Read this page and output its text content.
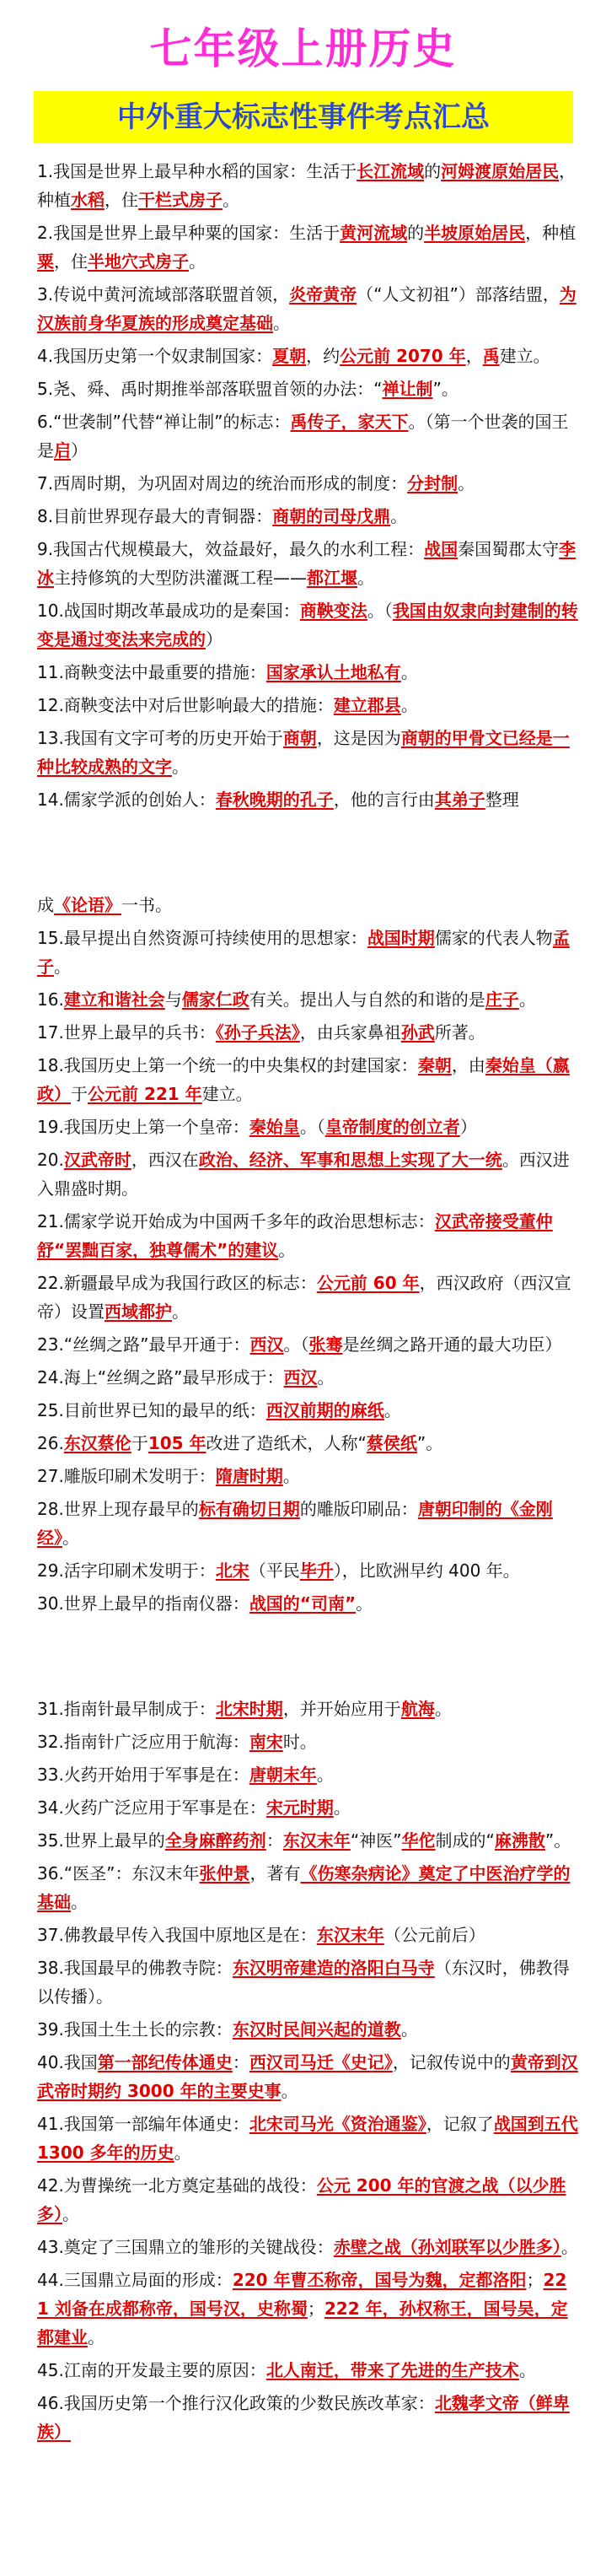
七年级上册历史
中外重大标志性事件考点汇总
1.我国是世界上最早种水稻的国家：生活于长江流域的河姆渡原始居民，种植水稻，住干栏式房子。
2.我国是世界上最早种粟的国家：生活于黄河流域的半坡原始居民，种植粟，住半地穴式房子。
3.传说中黄河流域部落联盟首领，炎帝黄帝（“人文初祖”）部落结盟，为汉族前身华夏族的形成奠定基础。
4.我国历史第一个奴隶制国家：夏朝，约公元前 2070 年，禹建立。
5.尧、舜、禹时期推举部落联盟首领的办法：“禅让制”。
6.“世袭制”代替“禅让制”的标志：禹传子，家天下。（第一个世袭的国王是启）
7.西周时期，为巩固对周边的统治而形成的制度：分封制。
8.目前世界现存最大的青铜器：商朝的司母戊鼎。
9.我国古代规模最大，效益最好，最久的水利工程：战国秦国蜀郡太守李冰主持修筑的大型防洪灌溉工程——都江堰。
10.战国时期改革最成功的是秦国：商鞅变法。（我国由奴隶向封建制的转变是通过变法来完成的）
11.商鞅变法中最重要的措施：国家承认土地私有。
12.商鞅变法中对后世影响最大的措施：建立郡县。
13.我国有文字可考的历史开始于商朝，这是因为商朝的甲骨文已经是一种比较成熟的文字。
14.儒家学派的创始人：春秋晚期的孔子，他的言行由其弟子整理
成《论语》一书。
15.最早提出自然资源可持续使用的思想家：战国时期儒家的代表人物孟子。
16.建立和谐社会与儒家仁政有关。提出人与自然的和谐的是庄子。
17.世界上最早的兵书：《孙子兵法》，由兵家鼻祖孙武所著。
18.我国历史上第一个统一的中央集权的封建国家：秦朝，由秦始皇（嬴政）于公元前 221 年建立。
19.我国历史上第一个皇帝：秦始皇。（皇帝制度的创立者）
20.汉武帝时，西汉在政治、经济、军事和思想上实现了大一统。西汉进入鼎盛时期。
21.儒家学说开始成为中国两千多年的政治思想标志：汉武帝接受董仲舒“罢黜百家，独尊儒术”的建议。
22.新疆最早成为我国行政区的标志：公元前 60 年，西汉政府（西汉宣帝）设置西域都护。
23.“丝绸之路”最早开通于：西汉。（张骞是丝绸之路开通的最大功臣）
24.海上“丝绸之路”最早形成于：西汉。
25.目前世界已知的最早的纸：西汉前期的麻纸。
26.东汉蔡伦于105 年改进了造纸术，人称“蔡侯纸”。
27.雕版印刷术发明于：隋唐时期。
28.世界上现存最早的标有确切日期的雕版印刷品：唐朝印制的《金刚经》。
29.活字印刷术发明于：北宋（平民毕升），比欧洲早约 400 年。
30.世界上最早的指南仪器：战国的“司南”。
31.指南针最早制成于：北宋时期，并开始应用于航海。
32.指南针广泛应用于航海：南宋时。
33.火药开始用于军事是在：唐朝末年。
34.火药广泛应用于军事是在：宋元时期。
35.世界上最早的全身麻醉药剂：东汉末年“神医”华佗制成的“麻沸散”。
36.“医圣”：东汉末年张仲景，著有《伤寒杂病论》奠定了中医治疗学的基础。
37.佛教最早传入我国中原地区是在：东汉末年（公元前后）
38.我国最早的佛教寺院：东汉明帝建造的洛阳白马寺（东汉时，佛教得以传播）。
39.我国土生土长的宗教：东汉时民间兴起的道教。
40.我国第一部纪传体通史：西汉司马迁《史记》，记叙传说中的黄帝到汉武帝时期约 3000 年的主要史事。
41.我国第一部编年体通史：北宋司马光《资治通鉴》，记叙了战国到五代 1300 多年的历史。
42.为曹操统一北方奠定基础的战役：公元 200 年的官渡之战（以少胜多）。
43.奠定了三国鼎立的雏形的关键战役：赤壁之战（孙刘联军以少胜多）。
44.三国鼎立局面的形成：220 年曹丕称帝，国号为魏，定都洛阳；221 刘备在成都称帝，国号汉，史称蜀；222 年，孙权称王，国号吴，定都建业。
45.江南的开发最主要的原因：北人南迁，带来了先进的生产技术。
46.我国历史第一个推行汉化政策的少数民族改革家：北魏孝文帝（鲜卑族）
